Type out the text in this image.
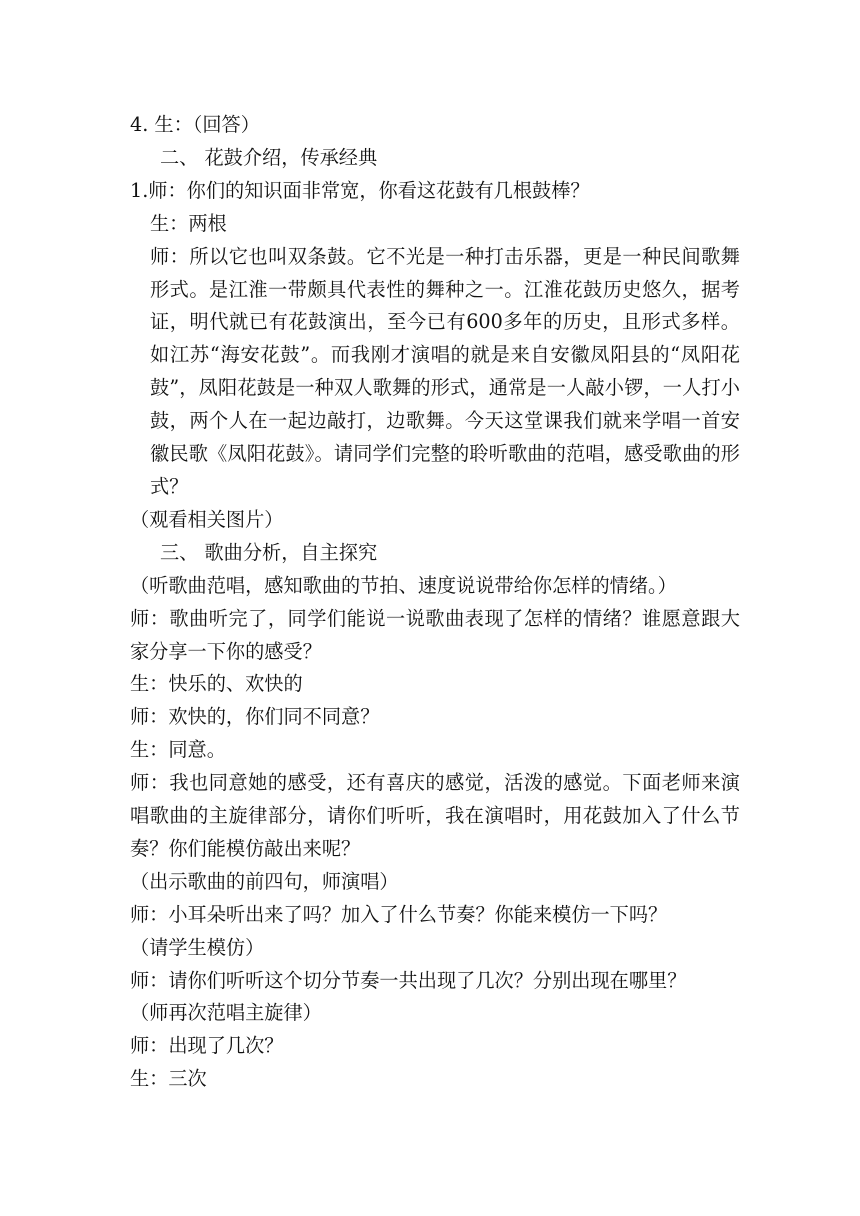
4. 生：（回答）

二、 花鼓介绍，传承经典

1.师：你们的知识面非常宽，你看这花鼓有几根鼓棒？

生：两根

师：所以它也叫双条鼓。它不光是一种打击乐器，更是一种民间歌舞形式。是江淮一带颇具代表性的舞种之一。江淮花鼓历史悠久，据考证，明代就已有花鼓演出，至今已有600多年的历史，且形式多样。如江苏“海安花鼓”。而我刚才演唱的就是来自安徽凤阳县的“凤阳花鼓”，凤阳花鼓是一种双人歌舞的形式，通常是一人敲小锣，一人打小鼓，两个人在一起边敲打，边歌舞。今天这堂课我们就来学唱一首安徽民歌《凤阳花鼓》。请同学们完整的聆听歌曲的范唱，感受歌曲的形式？

（观看相关图片）

三、 歌曲分析，自主探究

（听歌曲范唱，感知歌曲的节拍、速度说说带给你怎样的情绪。）

师：歌曲听完了，同学们能说一说歌曲表现了怎样的情绪？谁愿意跟大家分享一下你的感受？

生：快乐的、欢快的

师：欢快的，你们同不同意？

生：同意。

师：我也同意她的感受，还有喜庆的感觉，活泼的感觉。下面老师来演唱歌曲的主旋律部分，请你们听听，我在演唱时，用花鼓加入了什么节奏？你们能模仿敲出来呢？

（出示歌曲的前四句，师演唱）

师：小耳朵听出来了吗？加入了什么节奏？你能来模仿一下吗？

（请学生模仿）

师：请你们听听这个切分节奏一共出现了几次？分别出现在哪里？

（师再次范唱主旋律）

师：出现了几次？

生：三次
